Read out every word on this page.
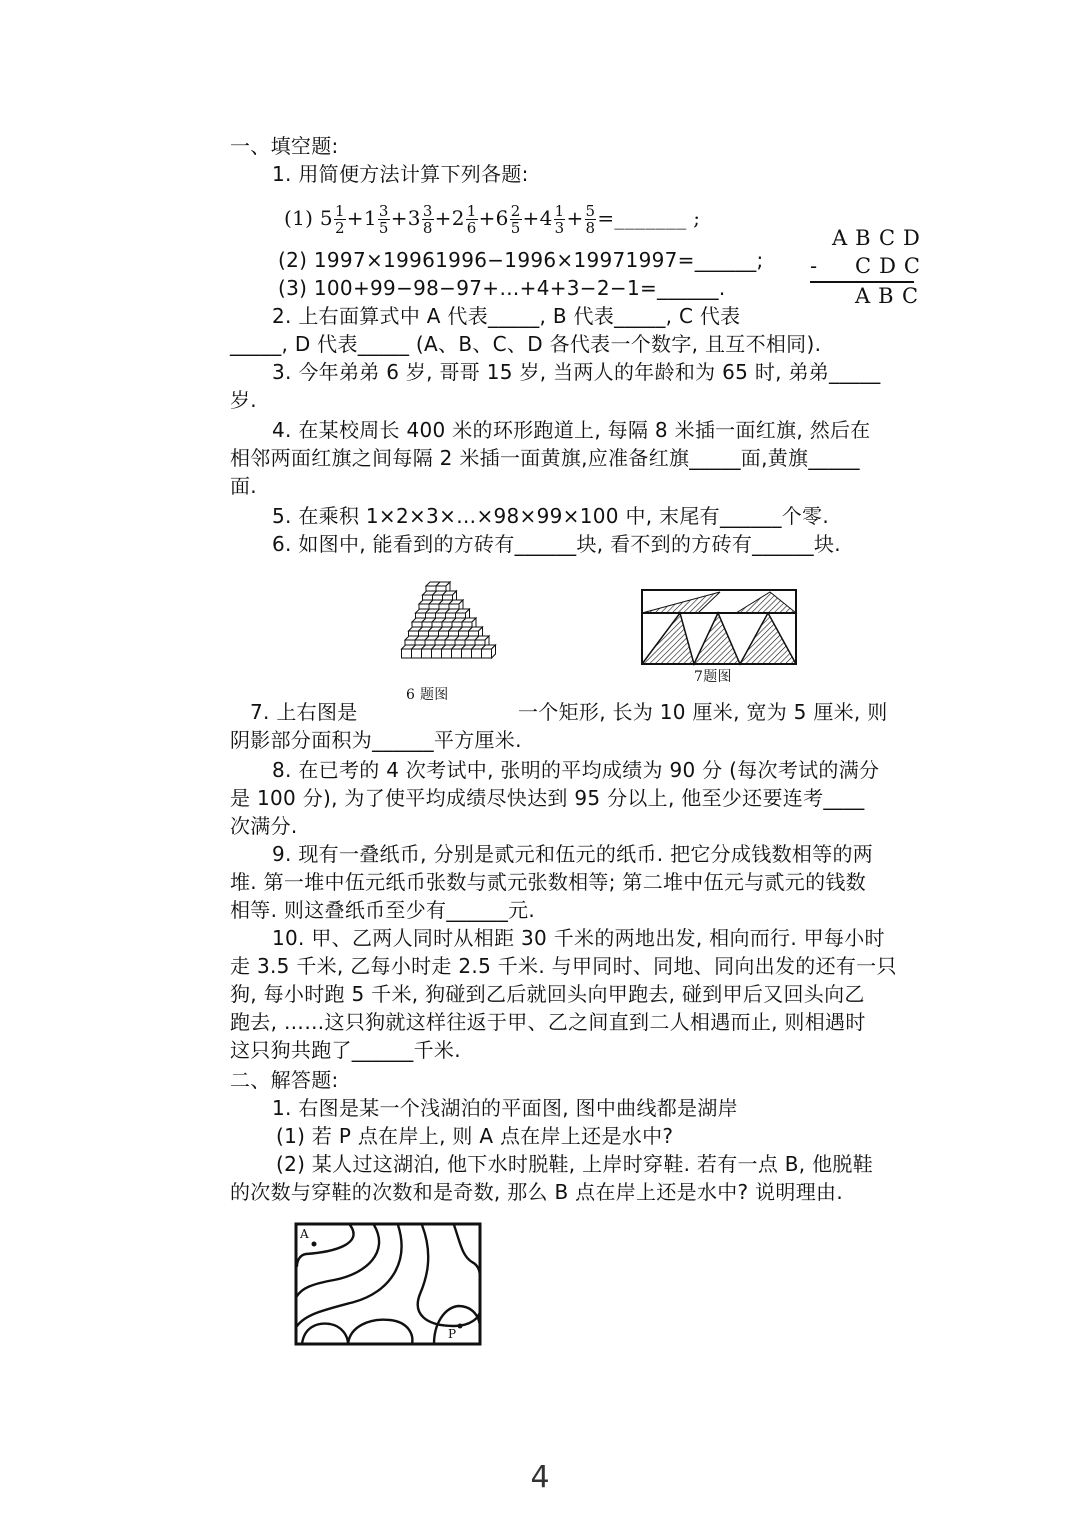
一、填空题:
1. 用简便方法计算下列各题:
(1) $5 \frac{1}{2} +1 \frac{3}{5} +3 \frac{3}{8} +2 \frac{1}{6} +6 \frac{2}{5} +4 \frac{1}{3} + \frac{5}{8}$ =_______ ;
(2) 1997×19961996−1996×19971997=______;
(3) 100+99−98−97+…+4+3−2−1=______.
ABCD
- CDC
ABC
2. 上右面算式中 A 代表_____, B 代表_____, C 代表
_____, D 代表_____ (A、B、C、D 各代表一个数字, 且互不相同).
3. 今年弟弟 6 岁, 哥哥 15 岁, 当两人的年龄和为 65 时, 弟弟_____
岁.
4. 在某校周长 400 米的环形跑道上, 每隔 8 米插一面红旗, 然后在
相邻两面红旗之间每隔 2 米插一面黄旗,应准备红旗_____面,黄旗_____
面.
5. 在乘积 1×2×3×…×98×99×100 中, 末尾有______个零.
6. 如图中, 能看到的方砖有______块, 看不到的方砖有______块.
6 题图
7题图
7. 上右图是	一个矩形, 长为 10 厘米, 宽为 5 厘米, 则
阴影部分面积为______平方厘米.
8. 在已考的 4 次考试中, 张明的平均成绩为 90 分 (每次考试的满分
是 100 分), 为了使平均成绩尽快达到 95 分以上, 他至少还要连考____
次满分.
9. 现有一叠纸币, 分别是贰元和伍元的纸币. 把它分成钱数相等的两
堆. 第一堆中伍元纸币张数与贰元张数相等; 第二堆中伍元与贰元的钱数
相等. 则这叠纸币至少有______元.
10. 甲、乙两人同时从相距 30 千米的两地出发, 相向而行. 甲每小时
走 3.5 千米, 乙每小时走 2.5 千米. 与甲同时、同地、同向出发的还有一只
狗, 每小时跑 5 千米, 狗碰到乙后就回头向甲跑去, 碰到甲后又回头向乙
跑去, ……这只狗就这样往返于甲、乙之间直到二人相遇而止, 则相遇时
这只狗共跑了______千米.
二、解答题:
1. 右图是某一个浅湖泊的平面图, 图中曲线都是湖岸
(1) 若 P 点在岸上, 则 A 点在岸上还是水中?
(2) 某人过这湖泊, 他下水时脱鞋, 上岸时穿鞋. 若有一点 B, 他脱鞋
的次数与穿鞋的次数和是奇数, 那么 B 点在岸上还是水中? 说明理由.
A
P
4
